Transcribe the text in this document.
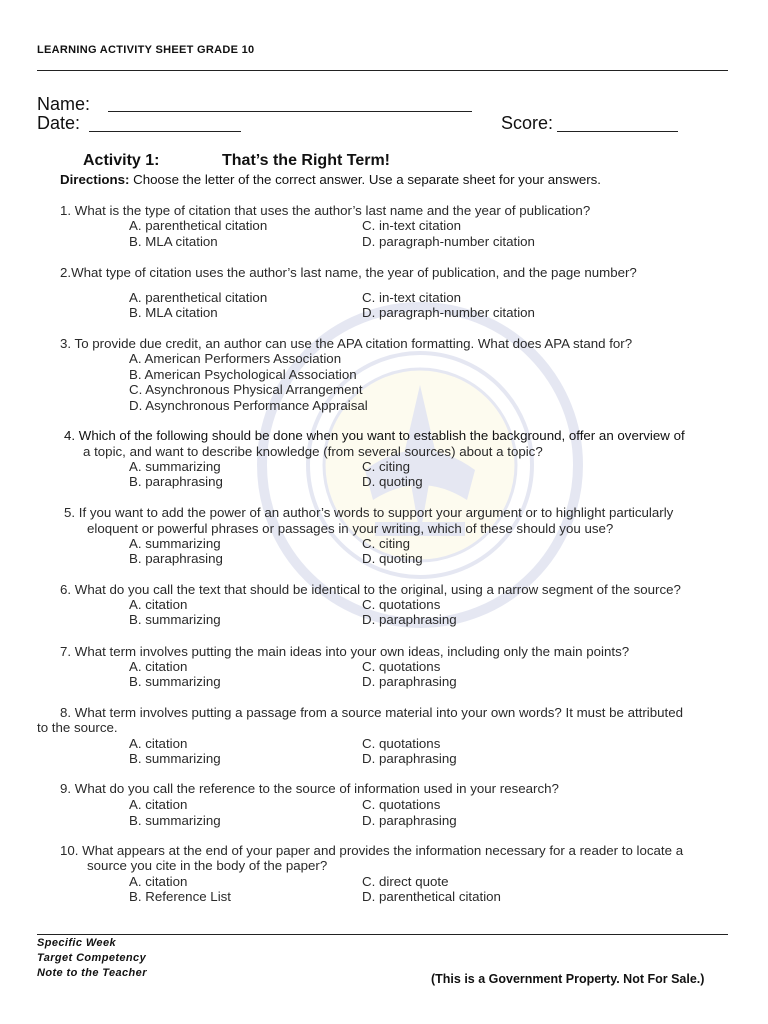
LEARNING ACTIVITY SHEET GRADE 10
Name:
Date:	Score:
Activity 1:	That’s the Right Term!
Directions: Choose the letter of the correct answer. Use a separate sheet for your answers.
1. What is the type of citation that uses the author’s last name and the year of publication?
A. parenthetical citation	C. in-text citation
B. MLA citation	D. paragraph-number citation
2.What type of citation uses the author’s last name, the year of publication, and the page number?
A. parenthetical citation	C. in-text citation
B. MLA citation	D. paragraph-number citation
3. To provide due credit, an author can use the APA citation formatting. What does APA stand for?
A. American Performers Association
B. American Psychological Association
C. Asynchronous Physical Arrangement
D. Asynchronous Performance Appraisal
4. Which of the following should be done when you want to establish the background, offer an overview of
a topic, and want to describe knowledge (from several sources) about a topic?
A. summarizing	C. citing
B. paraphrasing	D. quoting
5. If you want to add the power of an author’s words to support your argument or to highlight particularly
eloquent or powerful phrases or passages in your writing, which of these should you use?
A. summarizing	C. citing
B. paraphrasing	D. quoting
6. What do you call the text that should be identical to the original, using a narrow segment of the source?
A. citation	C. quotations
B. summarizing	D. paraphrasing
7. What term involves putting the main ideas into your own ideas, including only the main points?
A. citation	C. quotations
B. summarizing	D. paraphrasing
8. What term involves putting a passage from a source material into your own words? It must be attributed
to the source.
A. citation	C. quotations
B. summarizing	D. paraphrasing
9. What do you call the reference to the source of information used in your research?
A. citation	C. quotations
B. summarizing	D. paraphrasing
10. What appears at the end of your paper and provides the information necessary for a reader to locate a
source you cite in the body of the paper?
A. citation	C. direct quote
B. Reference List	D. parenthetical citation
Specific Week
Target Competency
Note to the Teacher	(This is a Government Property. Not For Sale.)
